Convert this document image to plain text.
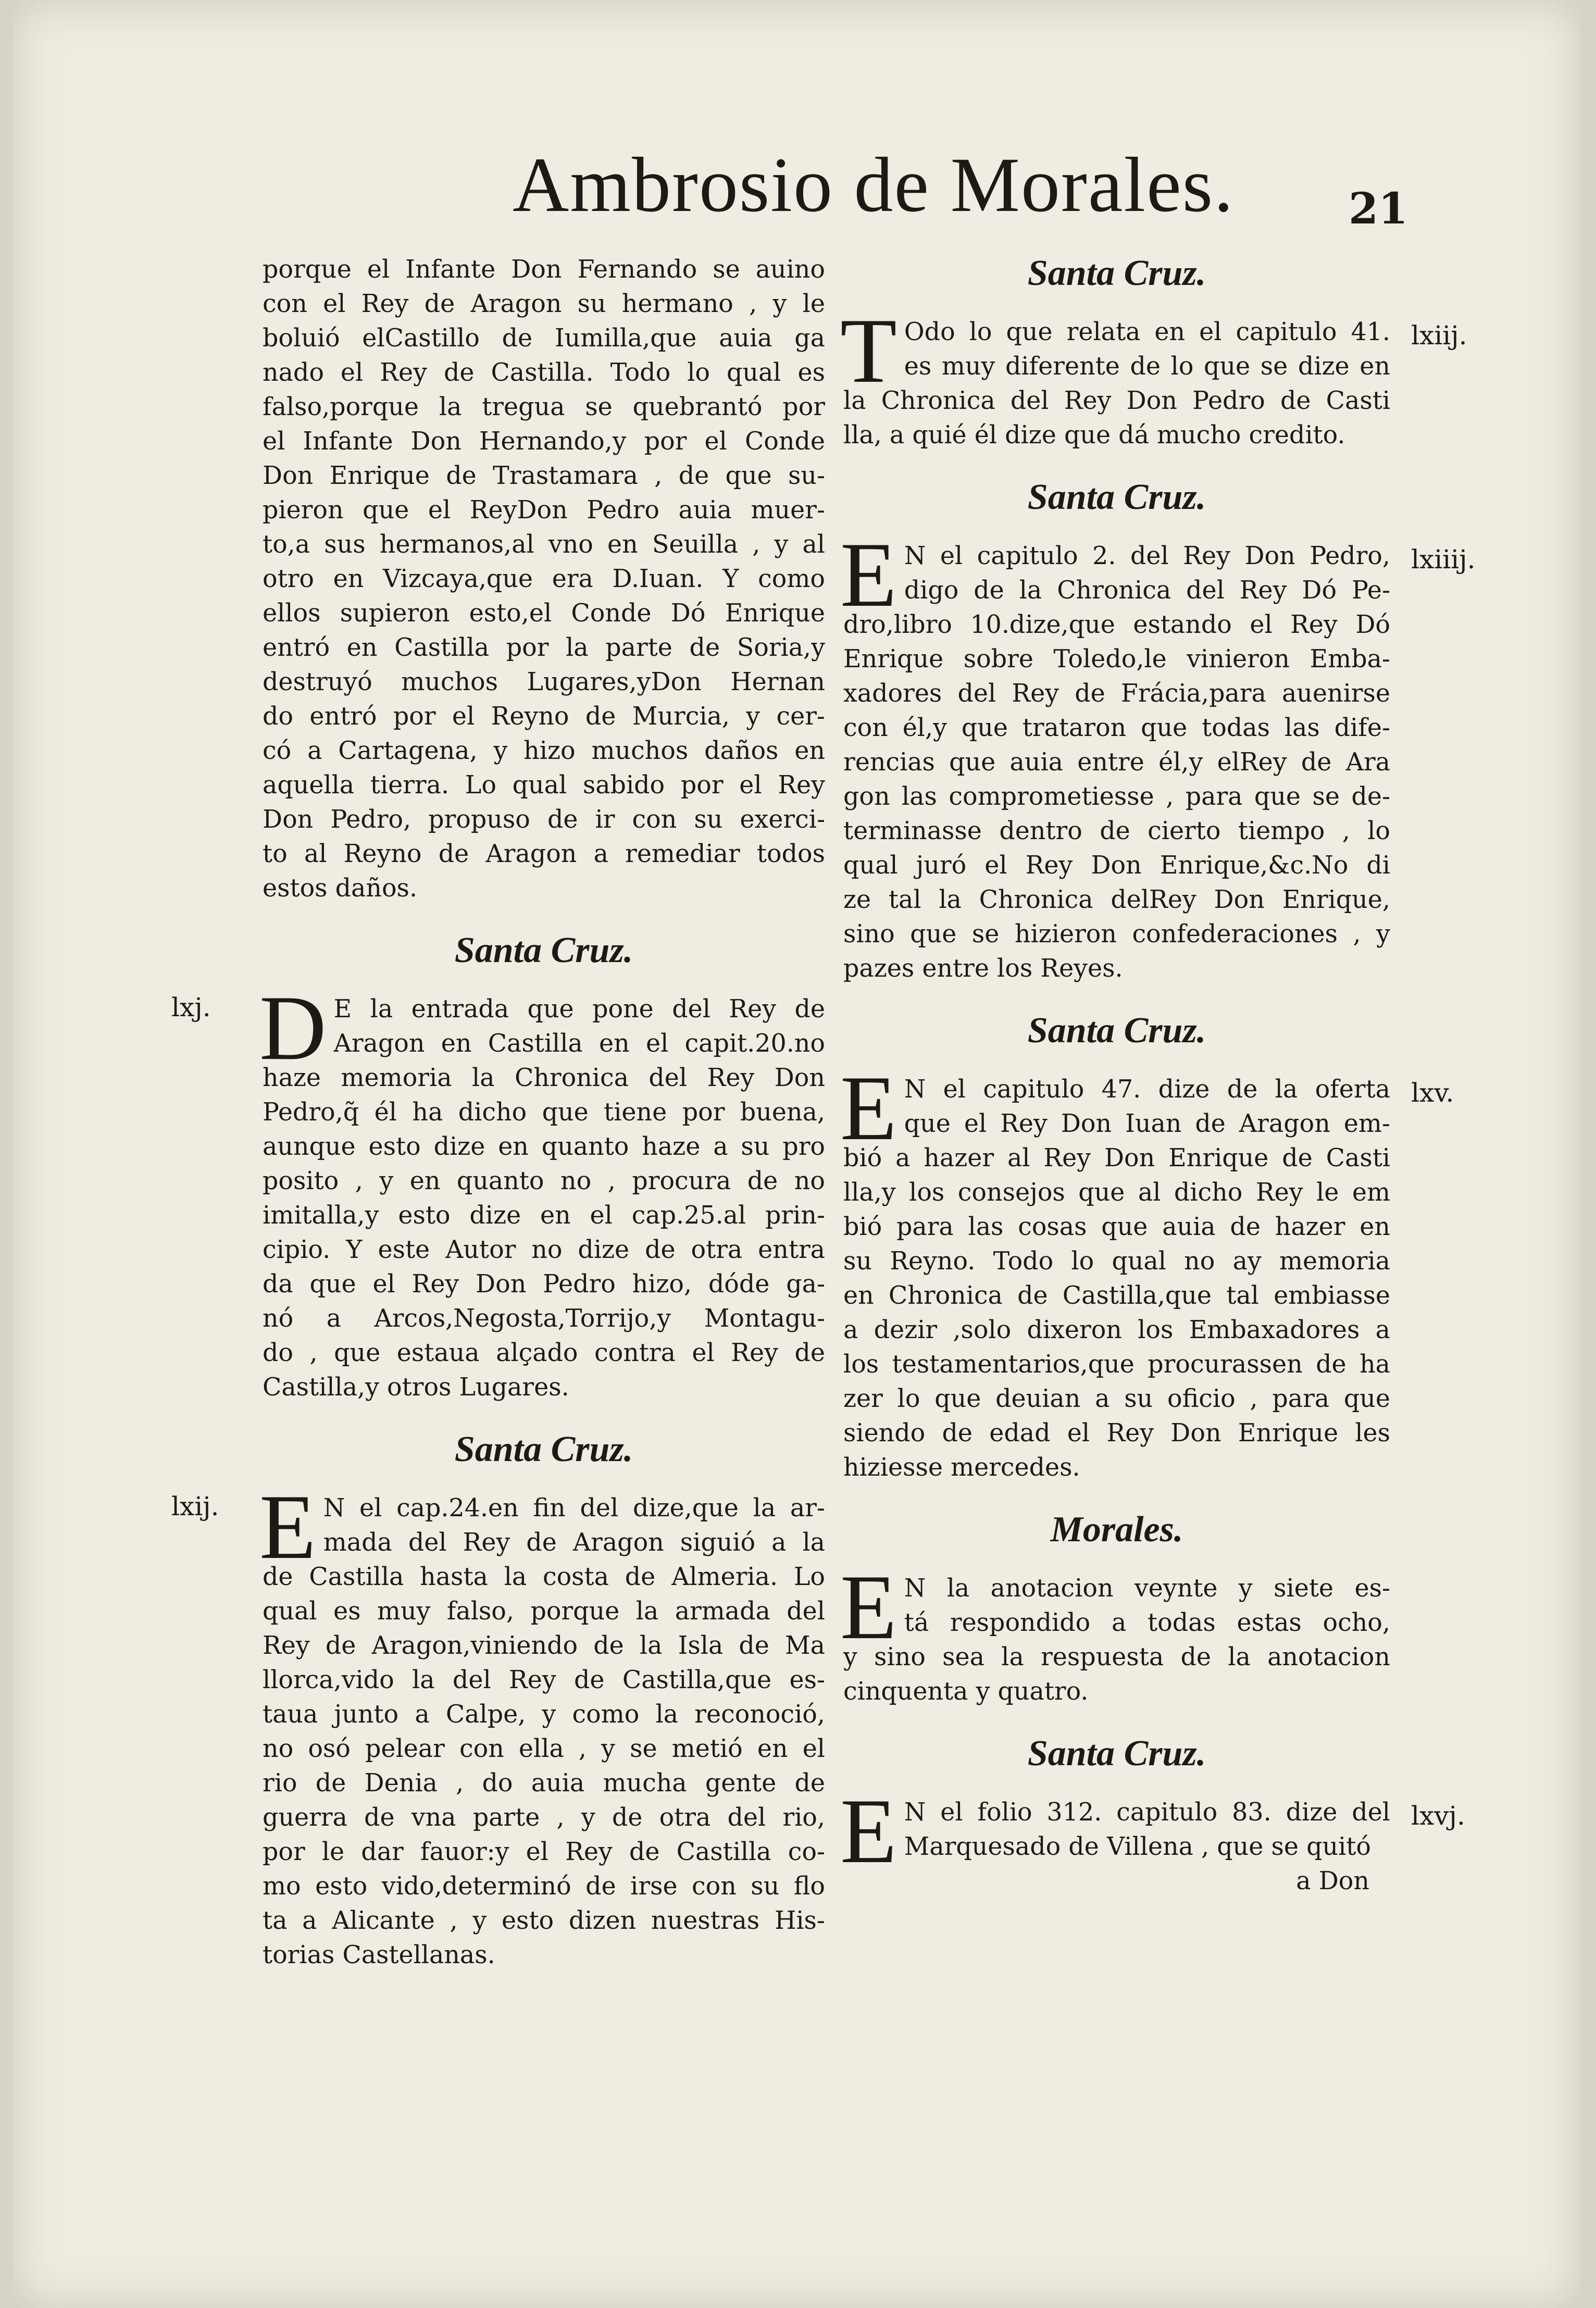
Ambrosio de Morales.	21
porque el Infante Don Fernando se auino
con el Rey de Aragon su hermano , y le
boluió elCastillo de Iumilla,que auia ga
nado el Rey de Castilla. Todo lo qual es
falso,porque la tregua se quebrantó por
el Infante Don Hernando,y por el Conde
Don Enrique de Trastamara , de que su-
pieron que el ReyDon Pedro auia muer-
to,a sus hermanos,al vno en Seuilla , y al
otro en Vizcaya,que era D.Iuan. Y como
ellos supieron esto,el Conde Dó Enrique
entró en Castilla por la parte de Soria,y
destruyó muchos Lugares,yDon Hernan
do entró por el Reyno de Murcia, y cer-
có a Cartagena, y hizo muchos daños en
aquella tierra. Lo qual sabido por el Rey
Don Pedro, propuso de ir con su exerci-
to al Reyno de Aragon a remediar todos
estos daños.
Santa Cruz.
lxj. D E la entrada que pone del Rey de
Aragon en Castilla en el capit.20.no
haze memoria la Chronica del Rey Don
Pedro,q̃ él ha dicho que tiene por buena,
aunque esto dize en quanto haze a su pro
posito , y en quanto no , procura de no
imitalla,y esto dize en el cap.25.al prin-
cipio. Y este Autor no dize de otra entra
da que el Rey Don Pedro hizo, dóde ga-
nó a Arcos,Negosta,Torrijo,y Montagu-
do , que estaua alçado contra el Rey de
Castilla,y otros Lugares.
Santa Cruz.
lxij. E N el cap.24.en fin del dize,que la ar-
mada del Rey de Aragon siguió a la
de Castilla hasta la costa de Almeria. Lo
qual es muy falso, porque la armada del
Rey de Aragon,viniendo de la Isla de Ma
llorca,vido la del Rey de Castilla,que es-
taua junto a Calpe, y como la reconoció,
no osó pelear con ella , y se metió en el
rio de Denia , do auia mucha gente de
guerra de vna parte , y de otra del rio,
por le dar fauor:y el Rey de Castilla co-
mo esto vido,determinó de irse con su flo
ta a Alicante , y esto dizen nuestras His-
torias Castellanas.
Santa Cruz.
lxiij.
T Odo lo que relata en el capitulo 41.
es muy diferente de lo que se dize en
la Chronica del Rey Don Pedro de Casti
lla, a quié él dize que dá mucho credito.
Santa Cruz.
lxiiij.
E N el capitulo 2. del Rey Don Pedro,
digo de la Chronica del Rey Dó Pe-
dro,libro 10.dize,que estando el Rey Dó
Enrique sobre Toledo,le vinieron Emba-
xadores del Rey de Frácia,para auenirse
con él,y que trataron que todas las dife-
rencias que auia entre él,y elRey de Ara
gon las comprometiesse , para que se de-
terminasse dentro de cierto tiempo , lo
qual juró el Rey Don Enrique,&c.No di
ze tal la Chronica delRey Don Enrique,
sino que se hizieron confederaciones , y
pazes entre los Reyes.
Santa Cruz.
lxv.
E N el capitulo 47. dize de la oferta
que el Rey Don Iuan de Aragon em-
bió a hazer al Rey Don Enrique de Casti
lla,y los consejos que al dicho Rey le em
bió para las cosas que auia de hazer en
su Reyno. Todo lo qual no ay memoria
en Chronica de Castilla,que tal embiasse
a dezir ,solo dixeron los Embaxadores a
los testamentarios,que procurassen de ha
zer lo que deuian a su oficio , para que
siendo de edad el Rey Don Enrique les
hiziesse mercedes.
Morales.
E N la anotacion veynte y siete es-
tá respondido a todas estas ocho,
y sino sea la respuesta de la anotacion
cinquenta y quatro.
Santa Cruz.
lxvj.
E N el folio 312. capitulo 83. dize del
Marquesado de Villena , que se quitó
a Don
